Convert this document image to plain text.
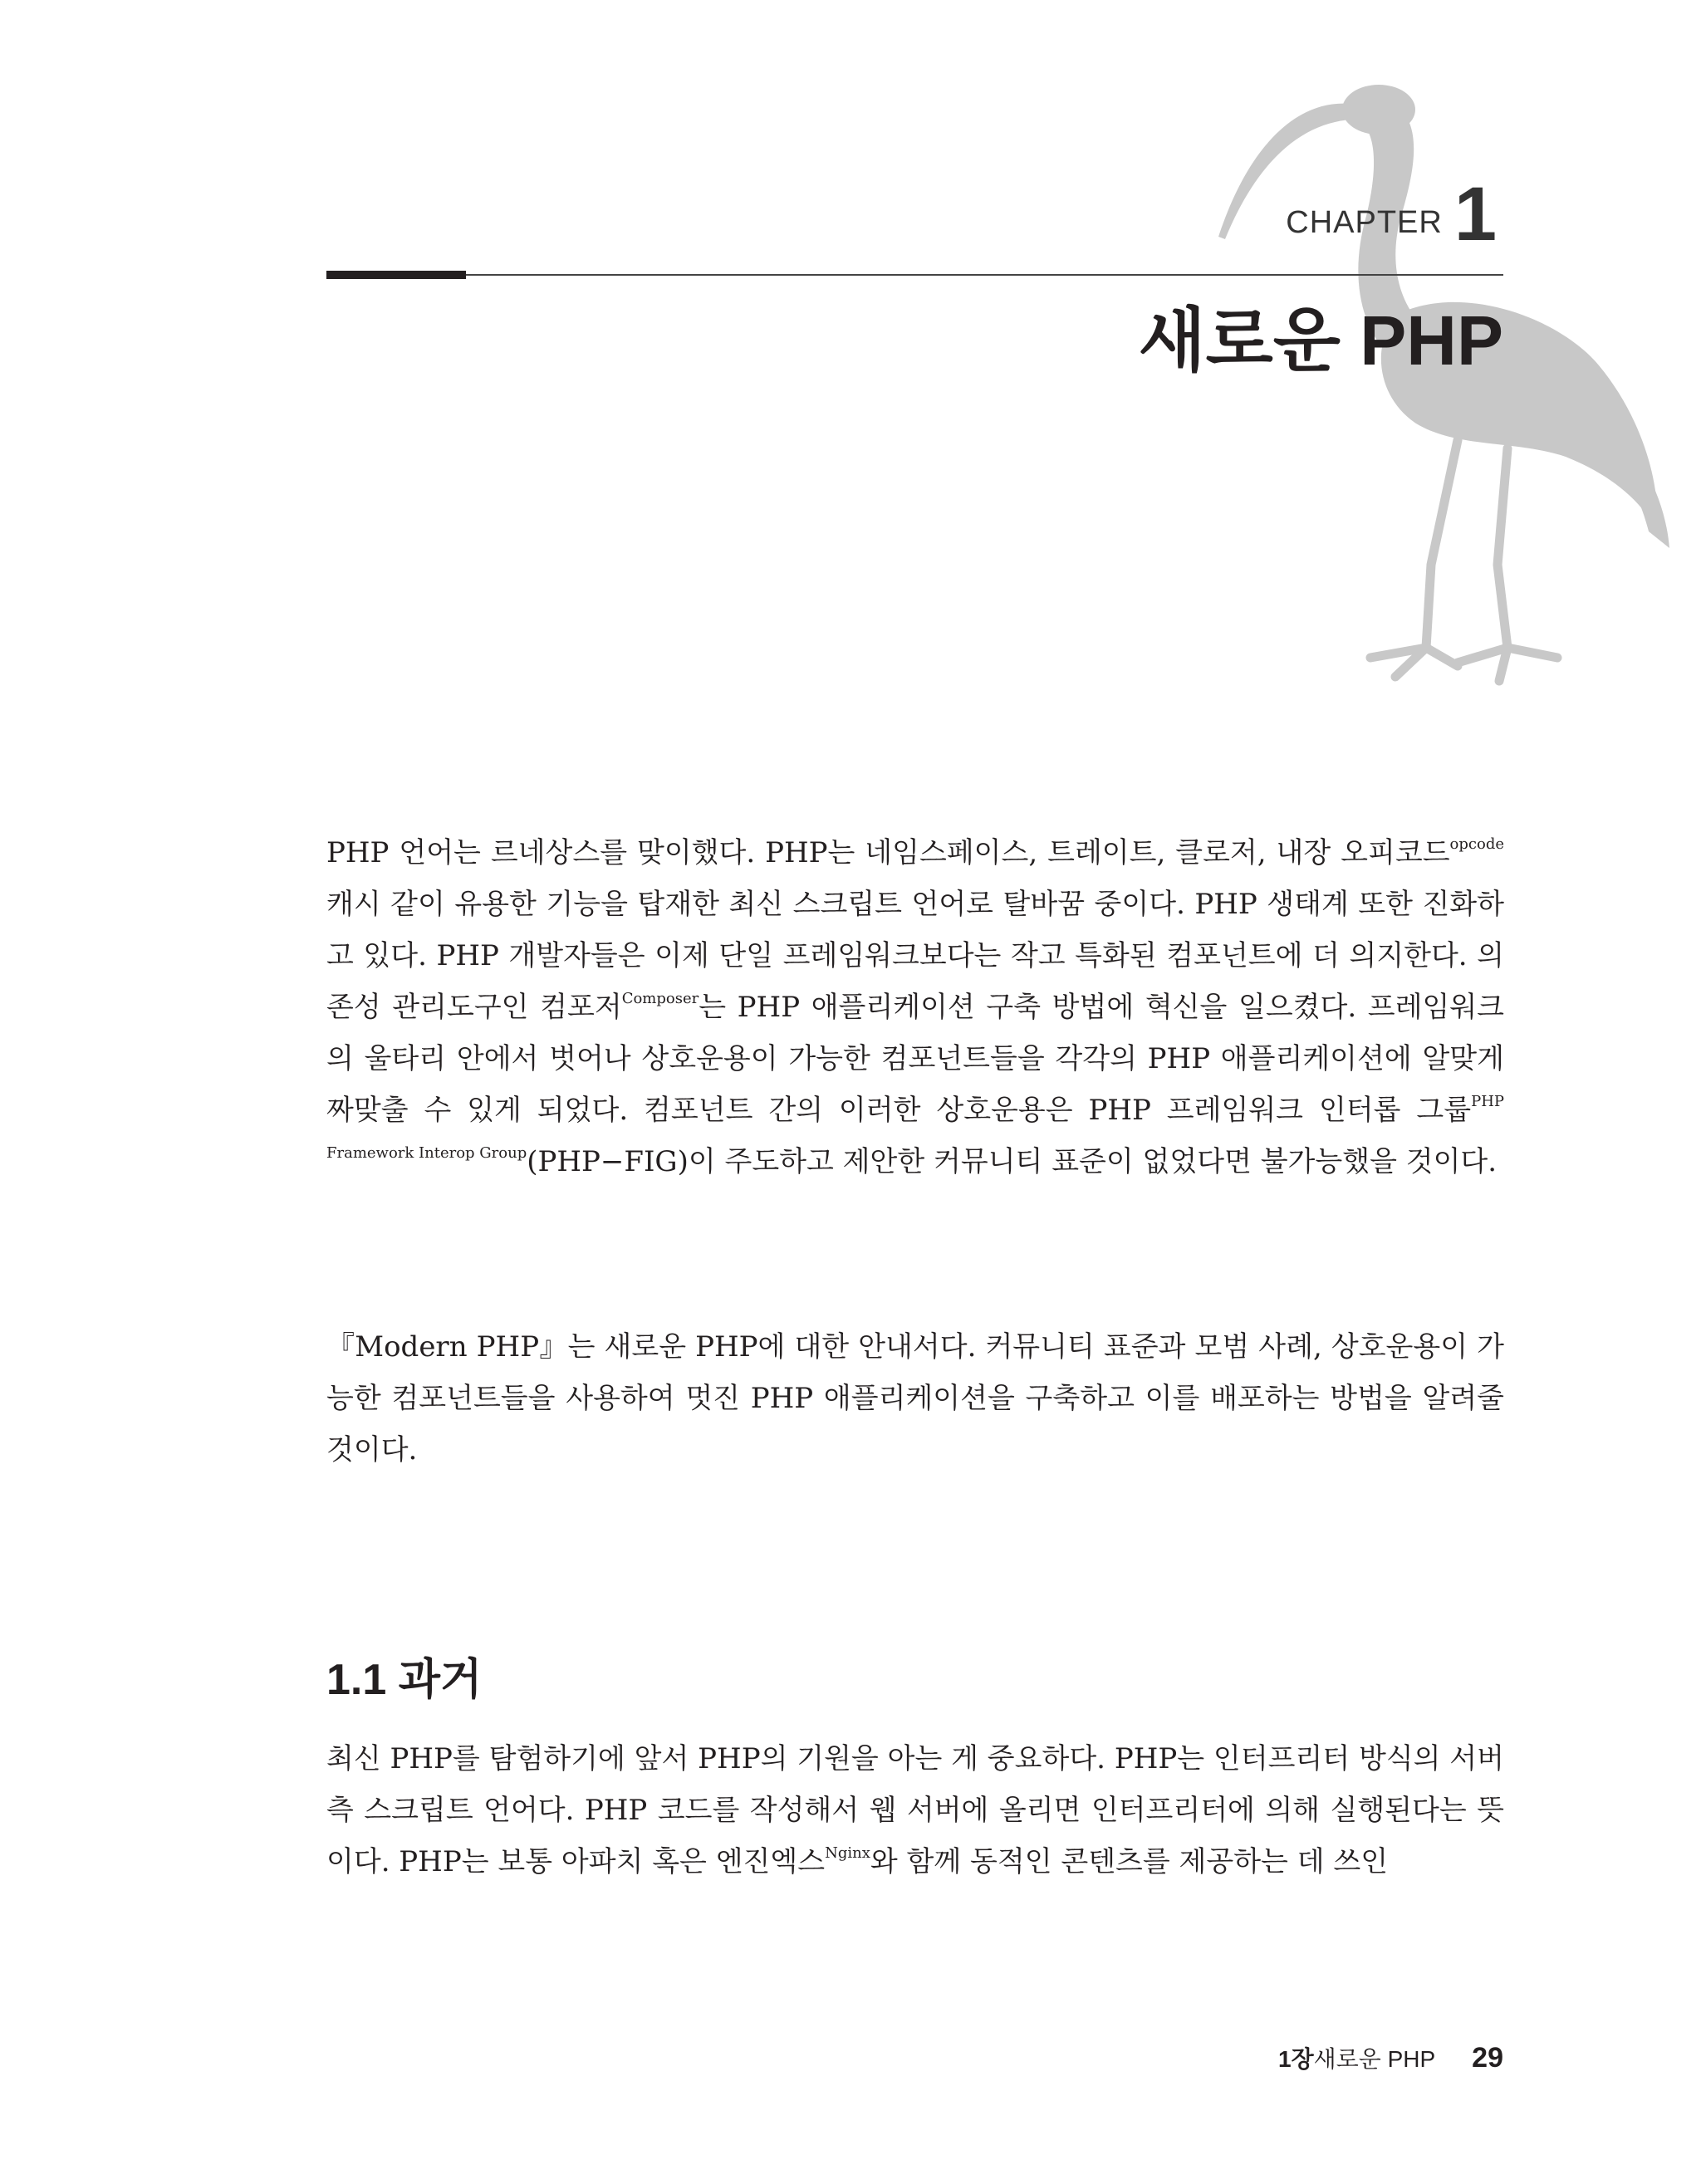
CHAPTER 1
새로운 PHP

PHP 언어는 르네상스를 맞이했다. PHP는 네임스페이스, 트레이트, 클로저, 내장 오피코드$^{opcode}$ 캐시 같이 유용한 기능을 탑재한 최신 스크립트 언어로 탈바꿈 중이다. PHP 생태계 또한 진화하고 있다. PHP 개발자들은 이제 단일 프레임워크보다는 작고 특화된 컴포넌트에 더 의지한다. 의존성 관리도구인 컴포저$^{Composer}$는 PHP 애플리케이션 구축 방법에 혁신을 일으켰다. 프레임워크의 울타리 안에서 벗어나 상호운용이 가능한 컴포넌트들을 각각의 PHP 애플리케이션에 알맞게 짜맞출 수 있게 되었다. 컴포넌트 간의 이러한 상호운용은 PHP 프레임워크 인터롭 그룹$^{PHP Framework Interop Group}$(PHP−FIG)이 주도하고 제안한 커뮤니티 표준이 없었다면 불가능했을 것이다.

『Modern PHP』는 새로운 PHP에 대한 안내서다. 커뮤니티 표준과 모범 사례, 상호운용이 가능한 컴포넌트들을 사용하여 멋진 PHP 애플리케이션을 구축하고 이를 배포하는 방법을 알려줄 것이다.

1.1 과거

최신 PHP를 탐험하기에 앞서 PHP의 기원을 아는 게 중요하다. PHP는 인터프리터 방식의 서버 측 스크립트 언어다. PHP 코드를 작성해서 웹 서버에 올리면 인터프리터에 의해 실행된다는 뜻이다. PHP는 보통 아파치 혹은 엔진엑스$^{Nginx}$와 함께 동적인 콘텐츠를 제공하는 데 쓰인

1장 새로운 PHP 29
